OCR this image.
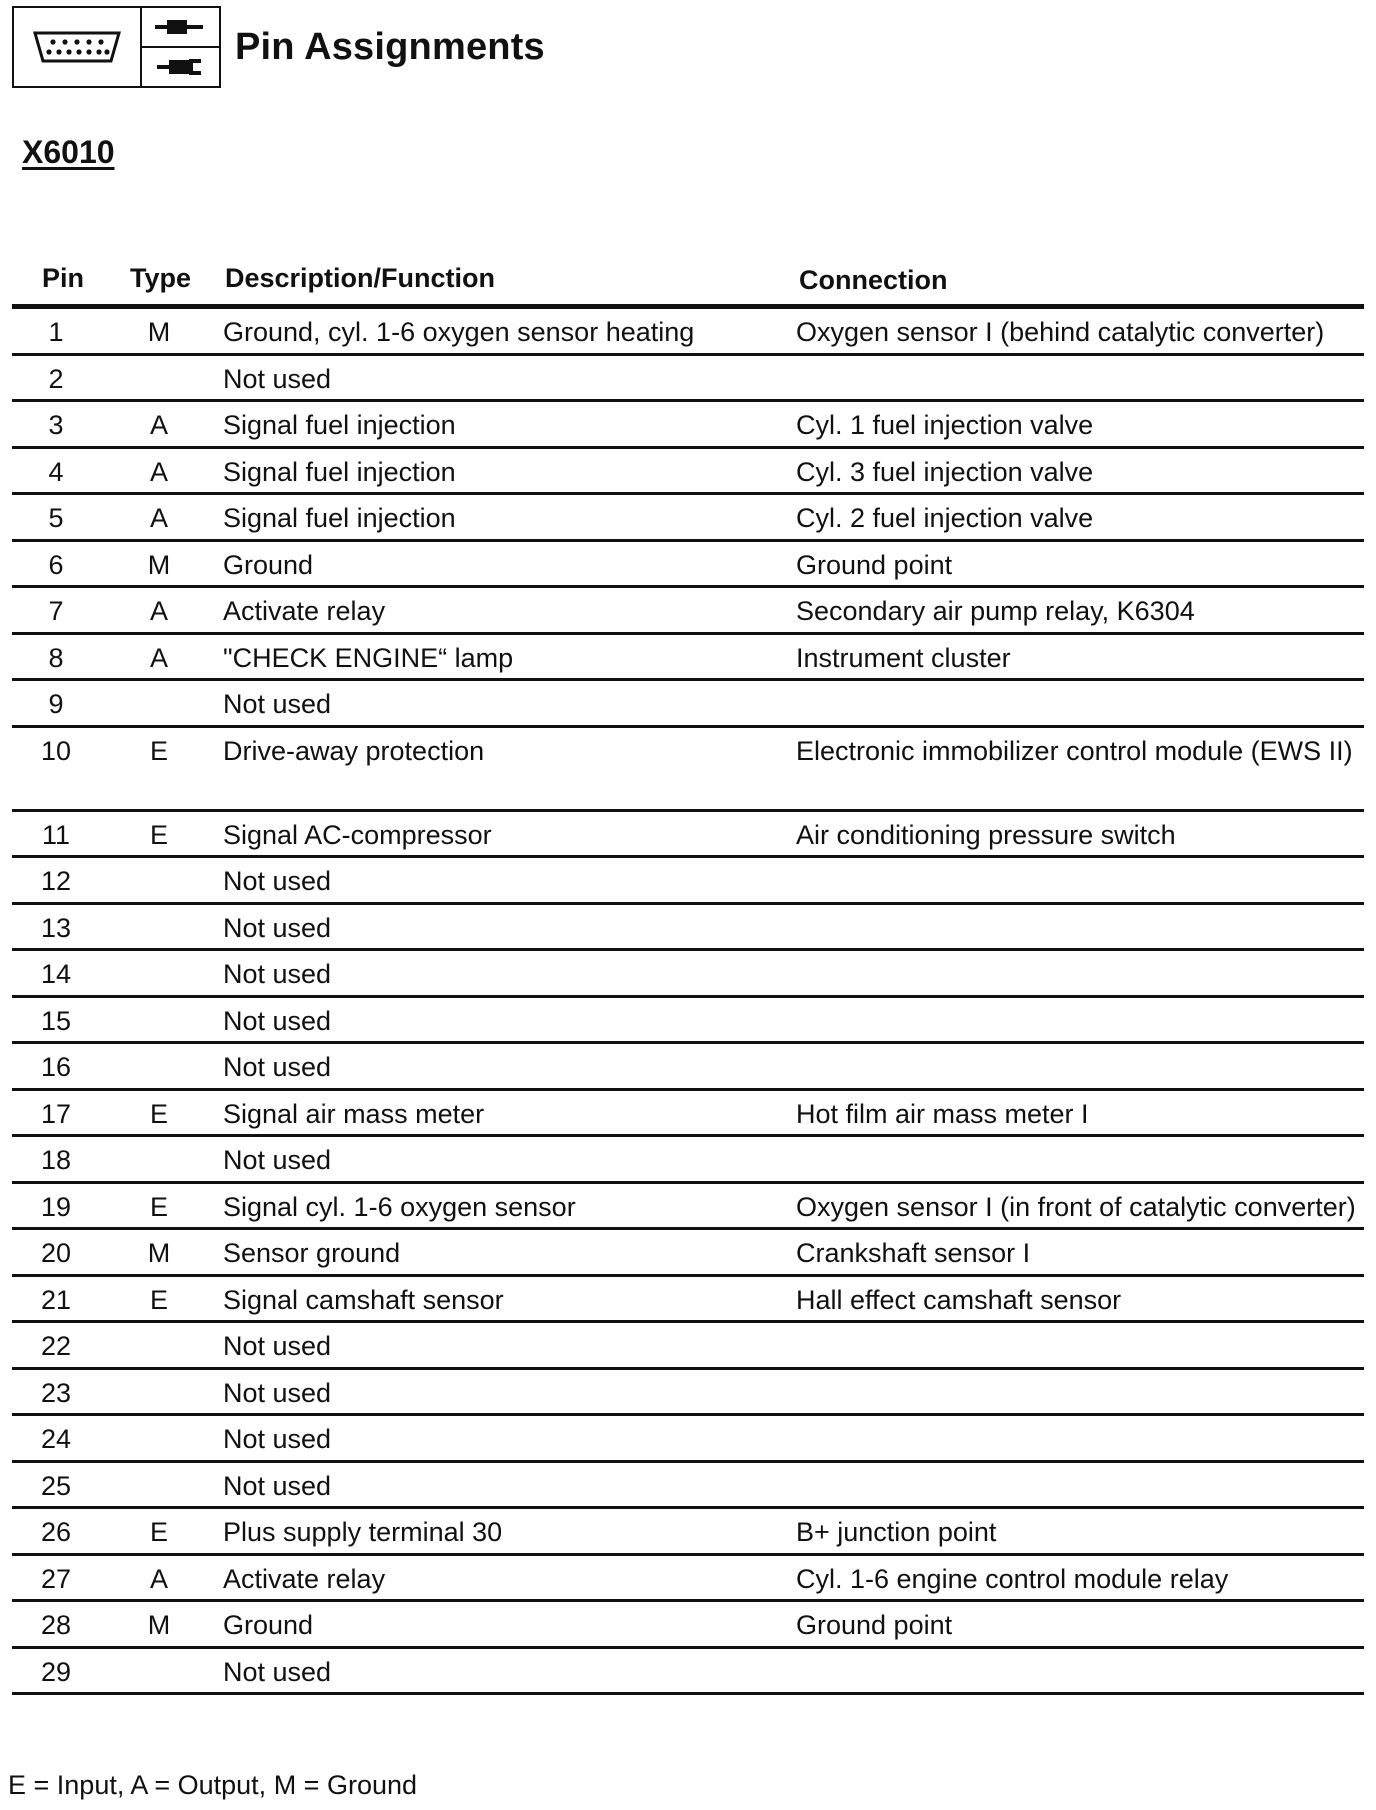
Pin Assignments
X6010
Pin Type Description/Function	Connection
1	M	Ground, cyl. 1-6 oxygen sensor heating	Oxygen sensor I (behind catalytic converter)
2	Not used
3	A	Signal fuel injection	Cyl. 1 fuel injection valve
4	A	Signal fuel injection	Cyl. 3 fuel injection valve
5	A	Signal fuel injection	Cyl. 2 fuel injection valve
6	M	Ground	Ground point
7	A	Activate relay	Secondary air pump relay, K6304
8	A	"CHECK ENGINE“ lamp	Instrument cluster
9	Not used
10	E	Drive-away protection	Electronic immobilizer control module (EWS II)
11	E	Signal AC-compressor	Air conditioning pressure switch
12	Not used
13	Not used
14	Not used
15	Not used
16	Not used
17	E	Signal air mass meter	Hot film air mass meter I
18	Not used
19	E	Signal cyl. 1-6 oxygen sensor	Oxygen sensor I (in front of catalytic converter)
20	M	Sensor ground	Crankshaft sensor I
21	E	Signal camshaft sensor	Hall effect camshaft sensor
22	Not used
23	Not used
24	Not used
25	Not used
26	E	Plus supply terminal 30	B+ junction point
27	A	Activate relay	Cyl. 1-6 engine control module relay
28	M	Ground	Ground point
29	Not used
E = Input, A = Output, M = Ground
